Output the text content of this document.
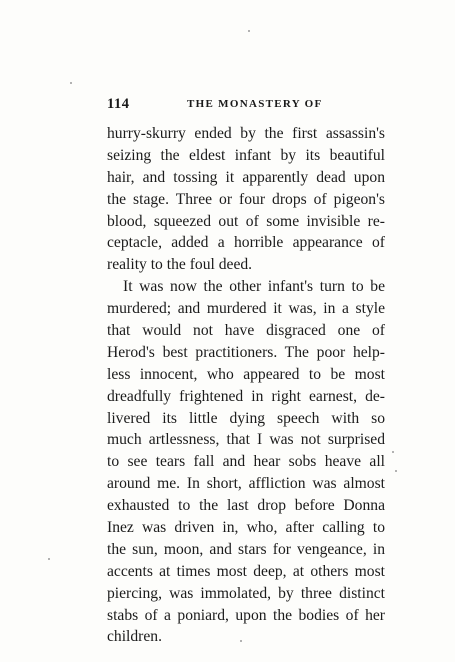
114	THE MONASTERY OF
hurry-skurry ended by the first assassin's
seizing the eldest infant by its beautiful
hair, and tossing it apparently dead upon
the stage. Three or four drops of pigeon's
blood, squeezed out of some invisible re-
ceptacle, added a horrible appearance of
reality to the foul deed.
It was now the other infant's turn to be
murdered; and murdered it was, in a style
that would not have disgraced one of
Herod's best practitioners. The poor help-
less innocent, who appeared to be most
dreadfully frightened in right earnest, de-
livered its little dying speech with so
much artlessness, that I was not surprised
to see tears fall and hear sobs heave all
around me. In short, affliction was almost
exhausted to the last drop before Donna
Inez was driven in, who, after calling to
the sun, moon, and stars for vengeance, in
accents at times most deep, at others most
piercing, was immolated, by three distinct
stabs of a poniard, upon the bodies of her
children.
